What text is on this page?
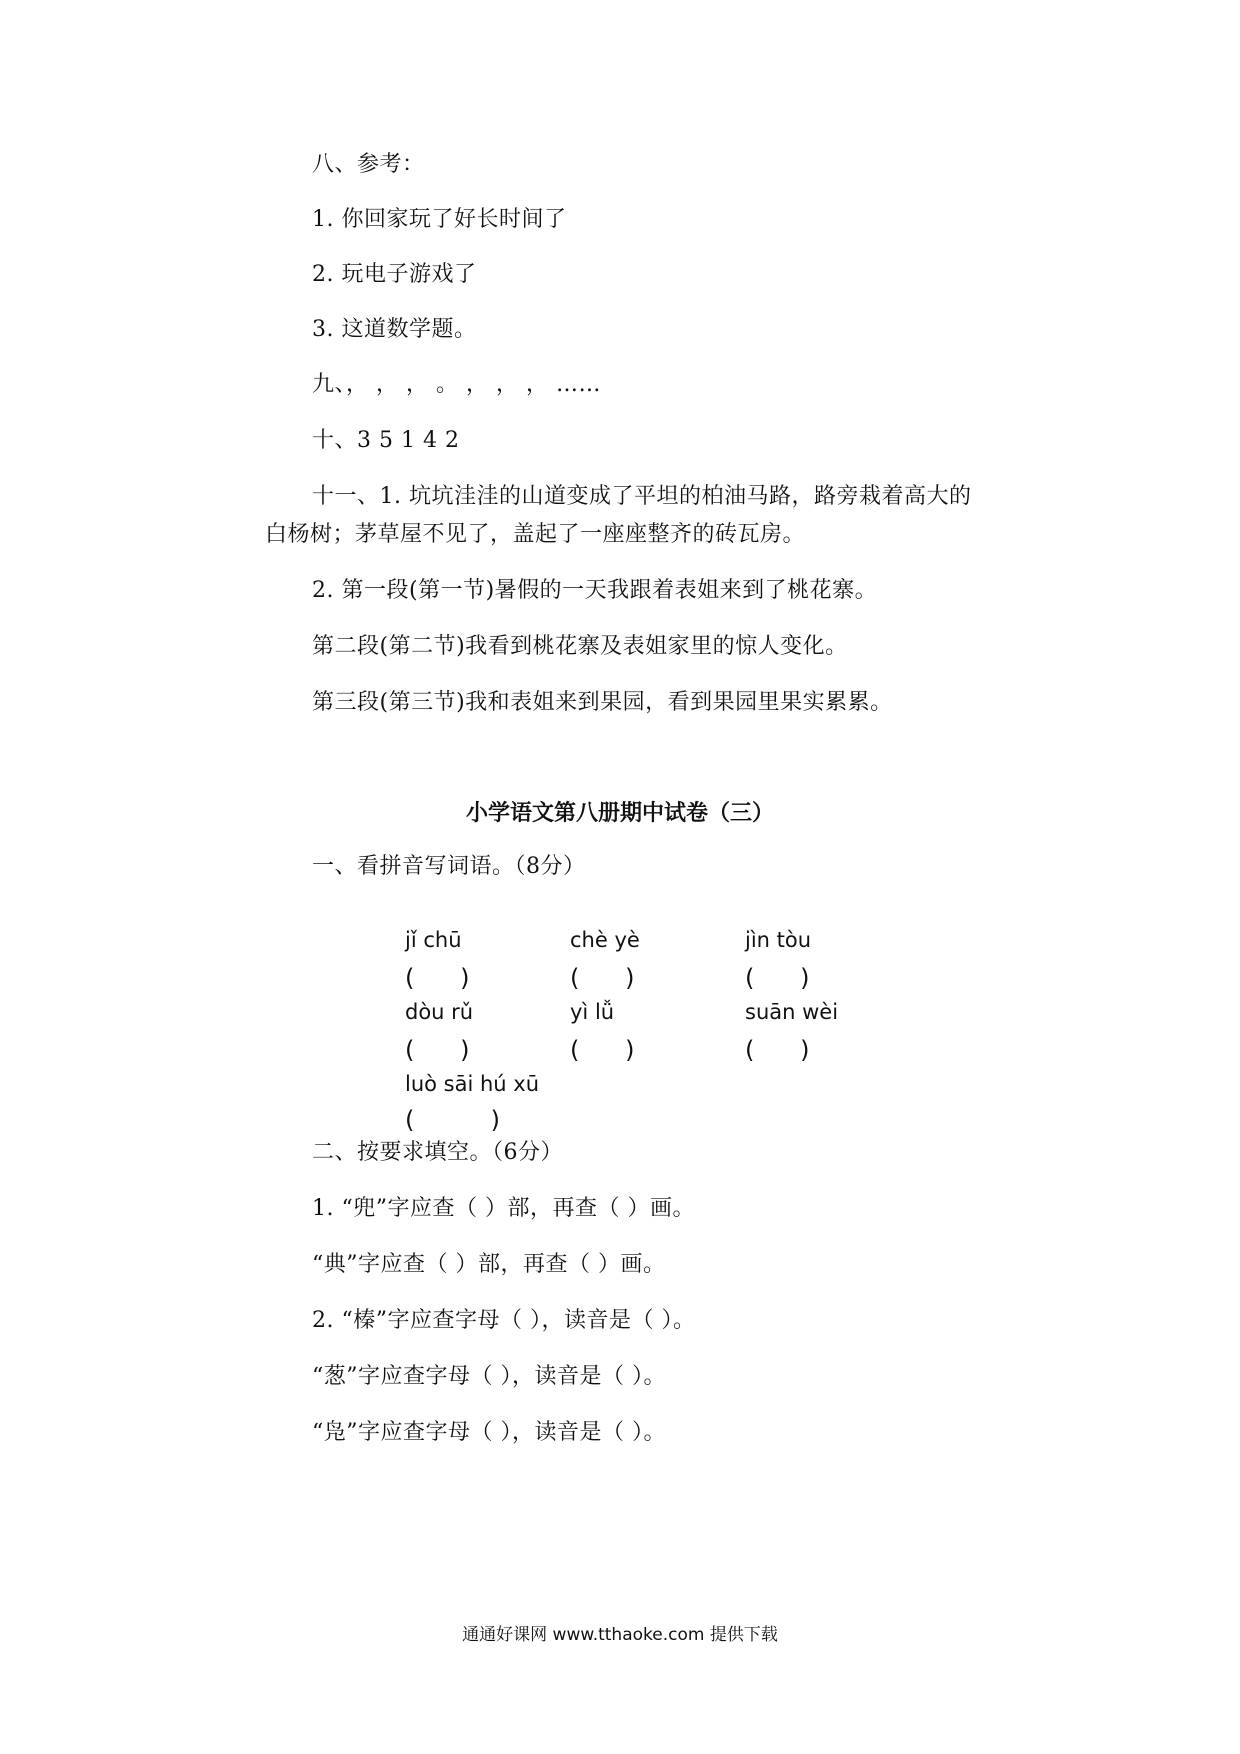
八、参考：
1. 你回家玩了好长时间了
2. 玩电子游戏了
3. 这道数学题。
九、， ， ， 。 ， ， ， ……
十、3 5 1 4 2
十一、1. 坑坑洼洼的山道变成了平坦的柏油马路，路旁栽着高大的
白杨树；茅草屋不见了，盖起了一座座整齐的砖瓦房。
2. 第一段(第一节)暑假的一天我跟着表姐来到了桃花寨。
第二段(第二节)我看到桃花寨及表姐家里的惊人变化。
第三段(第三节)我和表姐来到果园，看到果园里果实累累。
小学语文第八册期中试卷（三）
一、看拼音写词语。（8分）
jǐ chū	chè yè	jìn tòu
(      )	(      )	(      )
dòu rǔ	yì lǚ	suān wèi
(      )	(      )	(      )
luò sāi hú xū
(          )
二、按要求填空。（6分）
1. “兜”字应查（ ）部，再查（ ）画。
“典”字应查（ ）部，再查（ ）画。
2. “榛”字应查字母（ ），读音是（ ）。
“葱”字应查字母（ ），读音是（ ）。
“凫”字应查字母（ ），读音是（ ）。
通通好课网 www.tthaoke.com 提供下载
